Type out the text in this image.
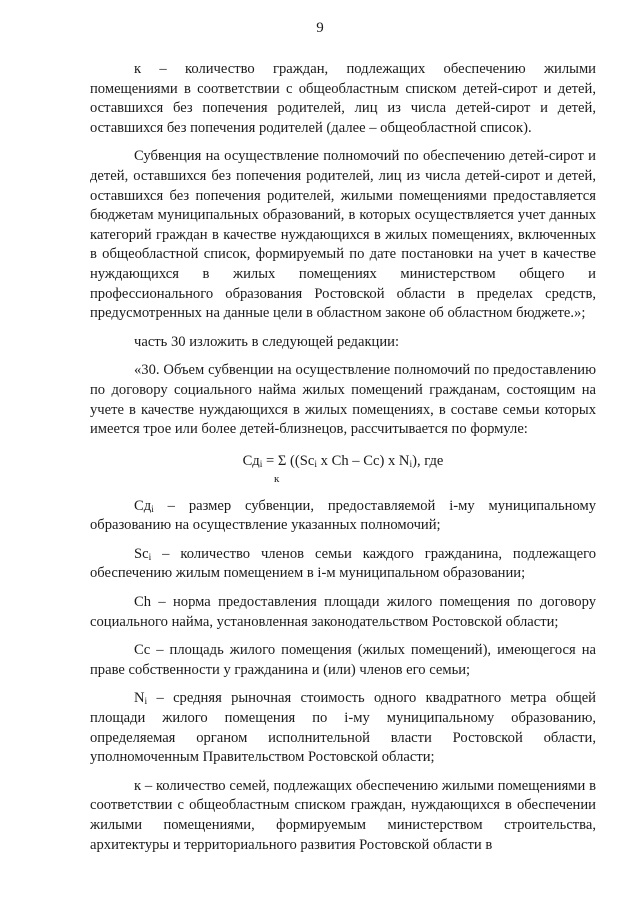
9

к – количество граждан, подлежащих обеспечению жилыми помещениями в соответствии с общеобластным списком детей-сирот и детей, оставшихся без попечения родителей, лиц из числа детей-сирот и детей, оставшихся без попечения родителей (далее – общеобластной список).

Субвенция на осуществление полномочий по обеспечению детей-сирот и детей, оставшихся без попечения родителей, лиц из числа детей-сирот и детей, оставшихся без попечения родителей, жилыми помещениями предоставляется бюджетам муниципальных образований, в которых осуществляется учет данных категорий граждан в качестве нуждающихся в жилых помещениях, включенных в общеобластной список, формируемый по дате постановки на учет в качестве нуждающихся в жилых помещениях министерством общего и профессионального образования Ростовской области в пределах средств, предусмотренных на данные цели в областном законе об областном бюджете.»;

часть 30 изложить в следующей редакции:

«30. Объем субвенции на осуществление полномочий по предоставлению по договору социального найма жилых помещений гражданам, состоящим на учете в качестве нуждающихся в жилых помещениях, в составе семьи которых имеется трое или более детей-близнецов, рассчитывается по формуле:

$Сд_i = \Sigma$ (($Sc_i$ x Ch – Cc) x $N_i$), где
к

$Сд_i$ – размер субвенции, предоставляемой i-му муниципальному образованию на осуществление указанных полномочий;

$Sc_i$ – количество членов семьи каждого гражданина, подлежащего обеспечению жилым помещением в i-м муниципальном образовании;

Ch – норма предоставления площади жилого помещения по договору социального найма, установленная законодательством Ростовской области;

Cc – площадь жилого помещения (жилых помещений), имеющегося на праве собственности у гражданина и (или) членов его семьи;

$N_i$ – средняя рыночная стоимость одного квадратного метра общей площади жилого помещения по i-му муниципальному образованию, определяемая органом исполнительной власти Ростовской области, уполномоченным Правительством Ростовской области;

к – количество семей, подлежащих обеспечению жилыми помещениями в соответствии с общеобластным списком граждан, нуждающихся в обеспечении жилыми помещениями, формируемым министерством строительства, архитектуры и территориального развития Ростовской области в
